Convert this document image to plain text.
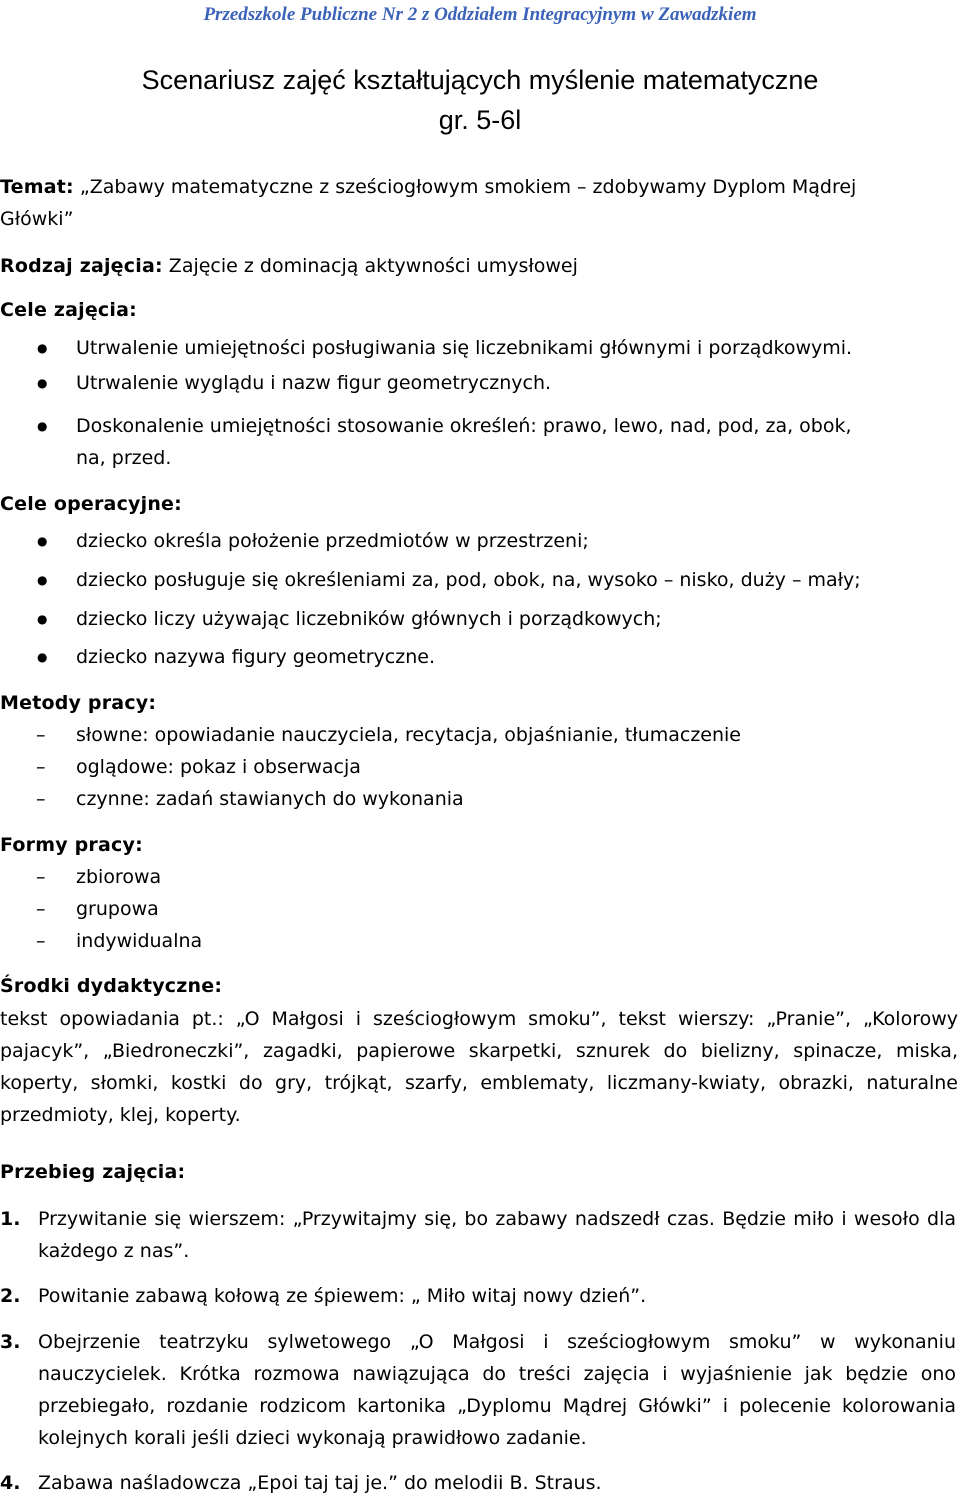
Przedszkole Publiczne Nr 2 z Oddziałem Integracyjnym w Zawadzkiem
Scenariusz zajęć kształtujących myślenie matematyczne
gr. 5-6l
Temat: „Zabawy matematyczne z sześciogłowym smokiem – zdobywamy Dyplom Mądrej
Główki”
Rodzaj zajęcia: Zajęcie z dominacją aktywności umysłowej
Cele zajęcia:
● Utrwalenie umiejętności posługiwania się liczebnikami głównymi i porządkowymi.
● Utrwalenie wyglądu i nazw figur geometrycznych.
● Doskonalenie umiejętności stosowanie określeń: prawo, lewo, nad, pod, za, obok,
na, przed.
Cele operacyjne:
● dziecko określa położenie przedmiotów w przestrzeni;
● dziecko posługuje się określeniami za, pod, obok, na, wysoko – nisko, duży – mały;
● dziecko liczy używając liczebników głównych i porządkowych;
● dziecko nazywa figury geometryczne.
Metody pracy:
– słowne: opowiadanie nauczyciela, recytacja, objaśnianie, tłumaczenie
– oglądowe: pokaz i obserwacja
– czynne: zadań stawianych do wykonania
Formy pracy:
– zbiorowa
– grupowa
– indywidualna
Środki dydaktyczne:
tekst opowiadania pt.: „O Małgosi i sześciogłowym smoku”, tekst wierszy: „Pranie”, „Kolorowy pajacyk”, „Biedroneczki”, zagadki, papierowe skarpetki, sznurek do bielizny, spinacze, miska, koperty, słomki, kostki do gry, trójkąt, szarfy, emblematy, liczmany-kwiaty, obrazki, naturalne przedmioty, klej, koperty.
Przebieg zajęcia:
1. Przywitanie się wierszem: „Przywitajmy się, bo zabawy nadszedł czas. Będzie miło i wesoło dla każdego z nas”.
2. Powitanie zabawą kołową ze śpiewem: „ Miło witaj nowy dzień”.
3. Obejrzenie teatrzyku sylwetowego „O Małgosi i sześciogłowym smoku” w wykonaniu nauczycielek. Krótka rozmowa nawiązująca do treści zajęcia i wyjaśnienie jak będzie ono przebiegało, rozdanie rodzicom kartonika „Dyplomu Mądrej Główki” i polecenie kolorowania kolejnych korali jeśli dzieci wykonają prawidłowo zadanie.
4. Zabawa naśladowcza „Epoi taj taj je.” do melodii B. Straus.
